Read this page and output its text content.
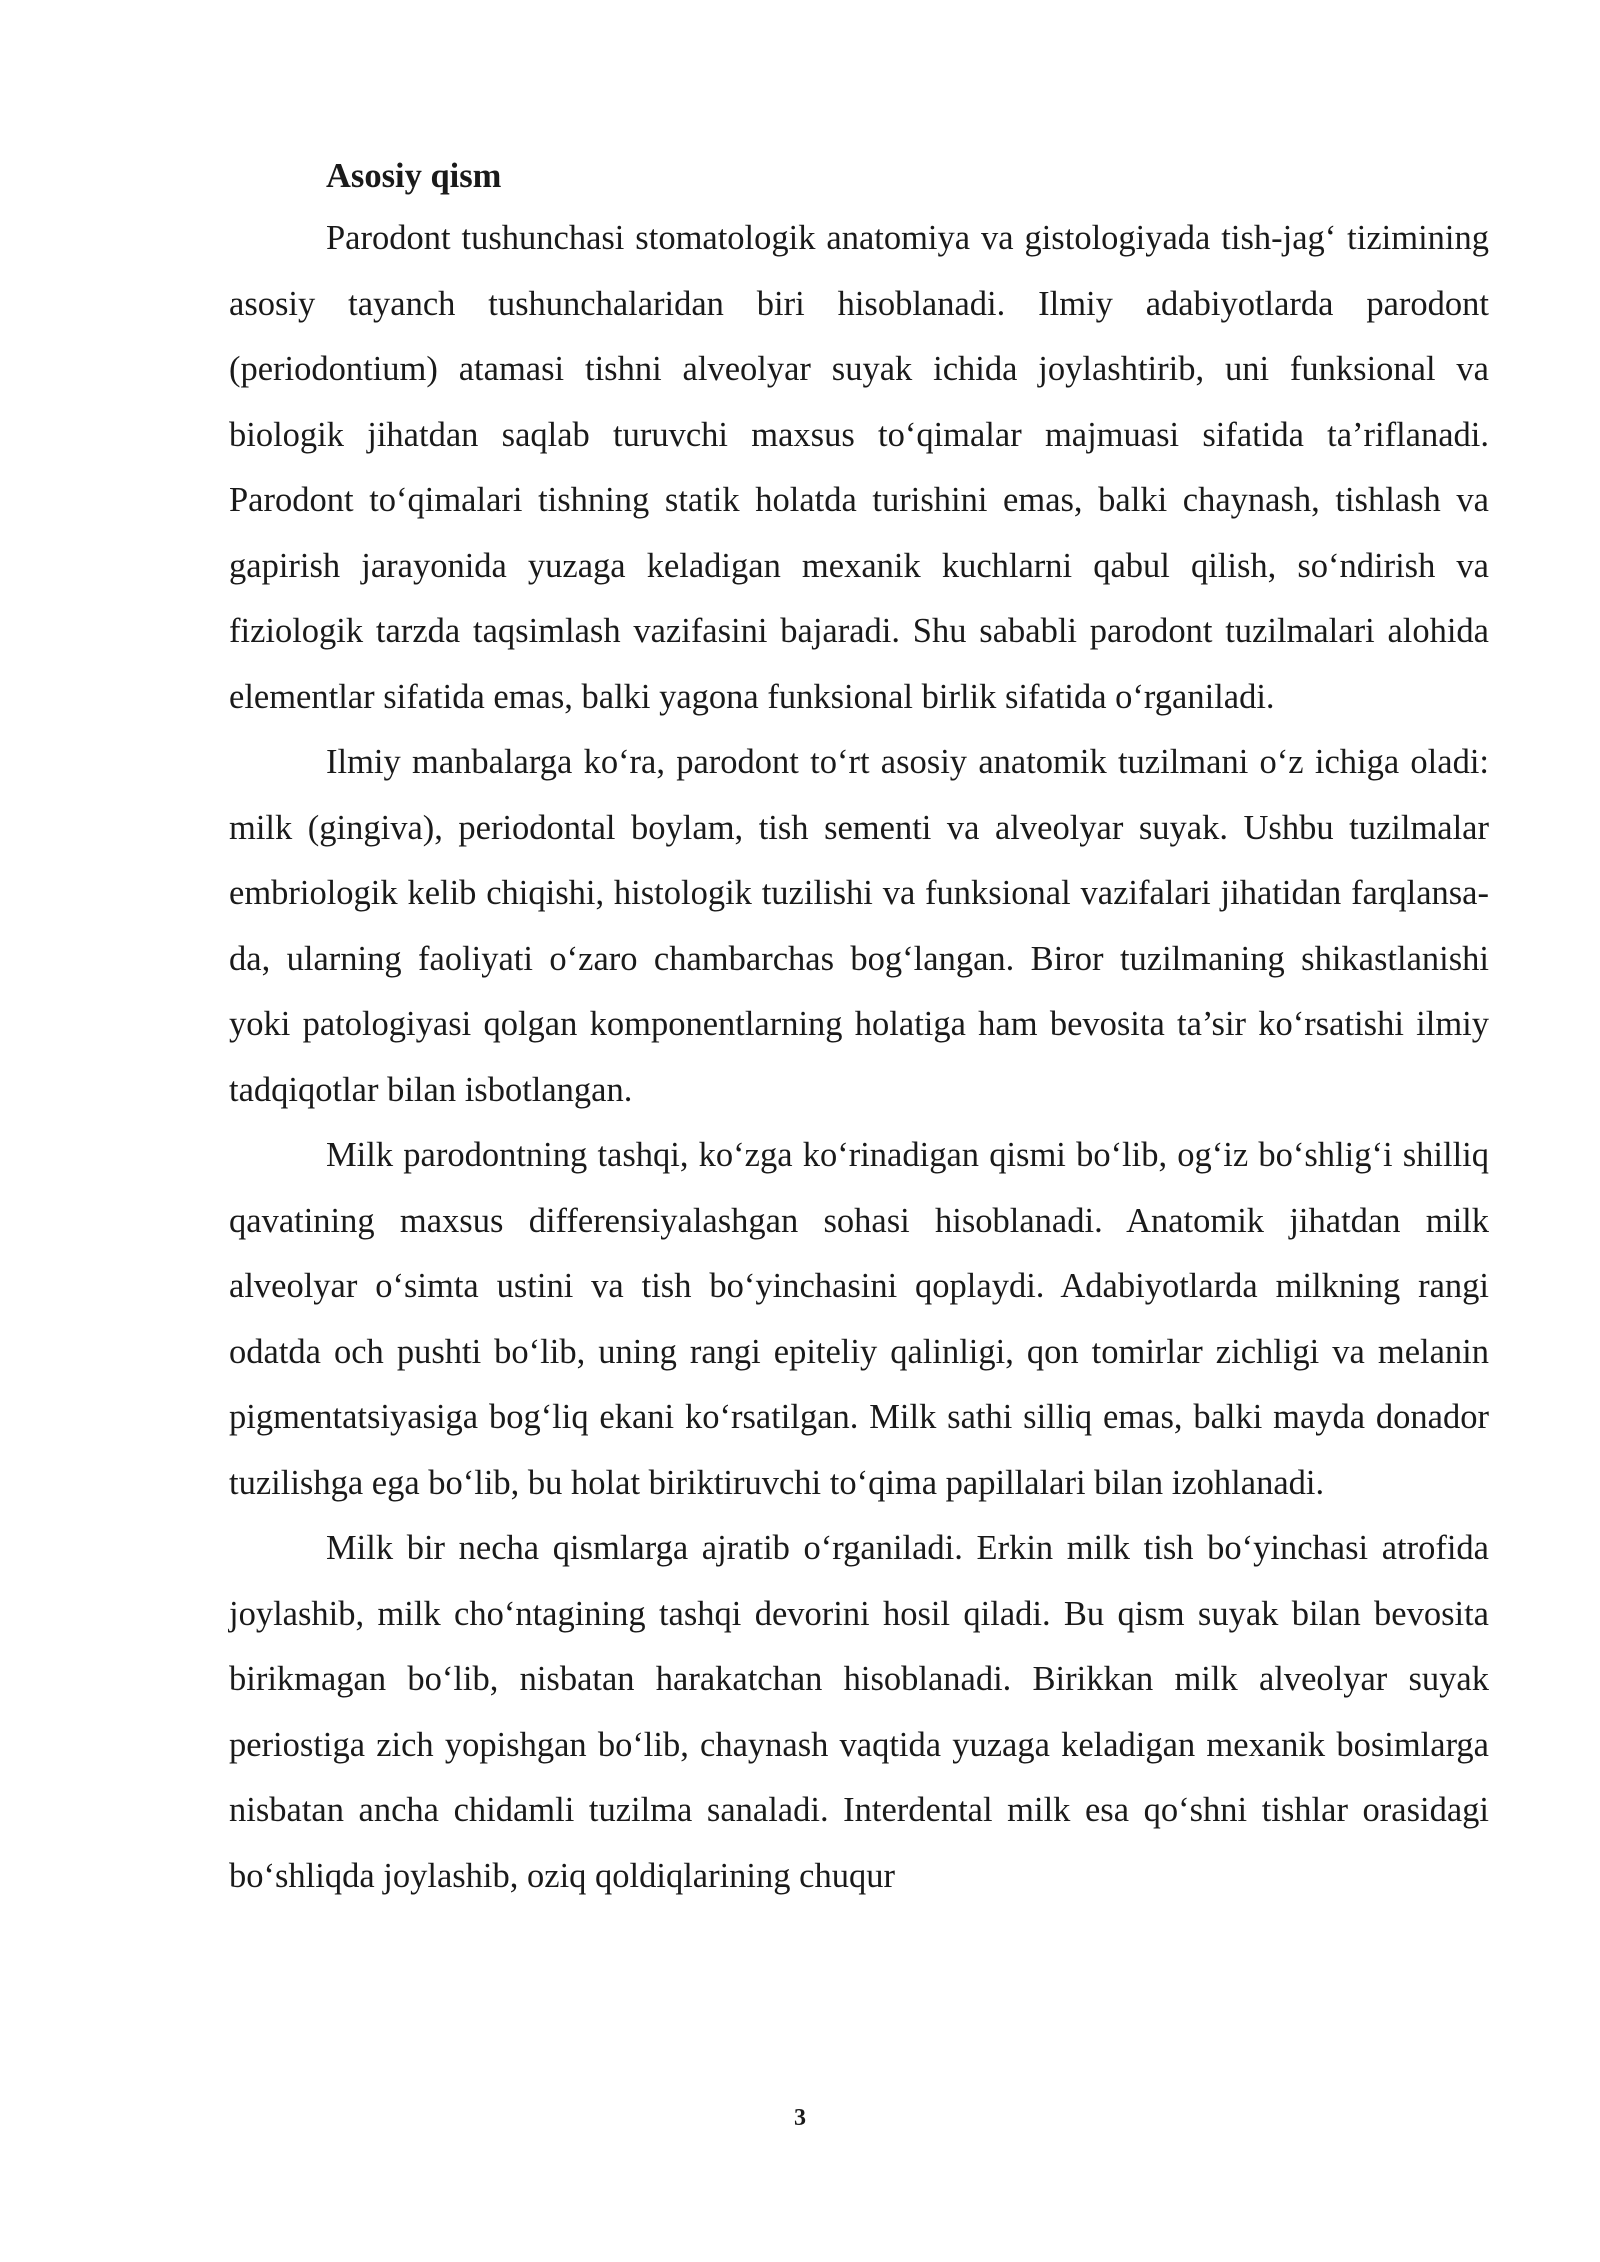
Asosiy qism

Parodont tushunchasi stomatologik anatomiya va gistologiyada tish-jag‘ tizimining asosiy tayanch tushunchalaridan biri hisoblanadi. Ilmiy adabiyotlarda parodont (periodontium) atamasi tishni alveolyar suyak ichida joylashtirib, uni funksional va biologik jihatdan saqlab turuvchi maxsus to‘qimalar majmuasi sifatida ta’riflanadi. Parodont to‘qimalari tishning statik holatda turishini emas, balki chaynash, tishlash va gapirish jarayonida yuzaga keladigan mexanik kuchlarni qabul qilish, so‘ndirish va fiziologik tarzda taqsimlash vazifasini bajaradi. Shu sababli parodont tuzilmalari alohida elementlar sifatida emas, balki yagona funksional birlik sifatida o‘rganiladi.

Ilmiy manbalarga ko‘ra, parodont to‘rt asosiy anatomik tuzilmani o‘z ichiga oladi: milk (gingiva), periodontal boylam, tish sementi va alveolyar suyak. Ushbu tuzilmalar embriologik kelib chiqishi, histologik tuzilishi va funksional vazifalari jihatidan farqlansa-da, ularning faoliyati o‘zaro chambarchas bog‘langan. Biror tuzilmaning shikastlanishi yoki patologiyasi qolgan komponentlarning holatiga ham bevosita ta’sir ko‘rsatishi ilmiy tadqiqotlar bilan isbotlangan.

Milk parodontning tashqi, ko‘zga ko‘rinadigan qismi bo‘lib, og‘iz bo‘shlig‘i shilliq qavatining maxsus differensiyalashgan sohasi hisoblanadi. Anatomik jihatdan milk alveolyar o‘simta ustini va tish bo‘yinchasini qoplaydi. Adabiyotlarda milkning rangi odatda och pushti bo‘lib, uning rangi epiteliy qalinligi, qon tomirlar zichligi va melanin pigmentatsiyasiga bog‘liq ekani ko‘rsatilgan. Milk sathi silliq emas, balki mayda donador tuzilishga ega bo‘lib, bu holat biriktiruvchi to‘qima papillalari bilan izohlanadi.

Milk bir necha qismlarga ajratib o‘rganiladi. Erkin milk tish bo‘yinchasi atrofida joylashib, milk cho‘ntagining tashqi devorini hosil qiladi. Bu qism suyak bilan bevosita birikmagan bo‘lib, nisbatan harakatchan hisoblanadi. Birikkan milk alveolyar suyak periostiga zich yopishgan bo‘lib, chaynash vaqtida yuzaga keladigan mexanik bosimlarga nisbatan ancha chidamli tuzilma sanaladi. Interdental milk esa qo‘shni tishlar orasidagi bo‘shliqda joylashib, oziq qoldiqlarining chuqur

3
